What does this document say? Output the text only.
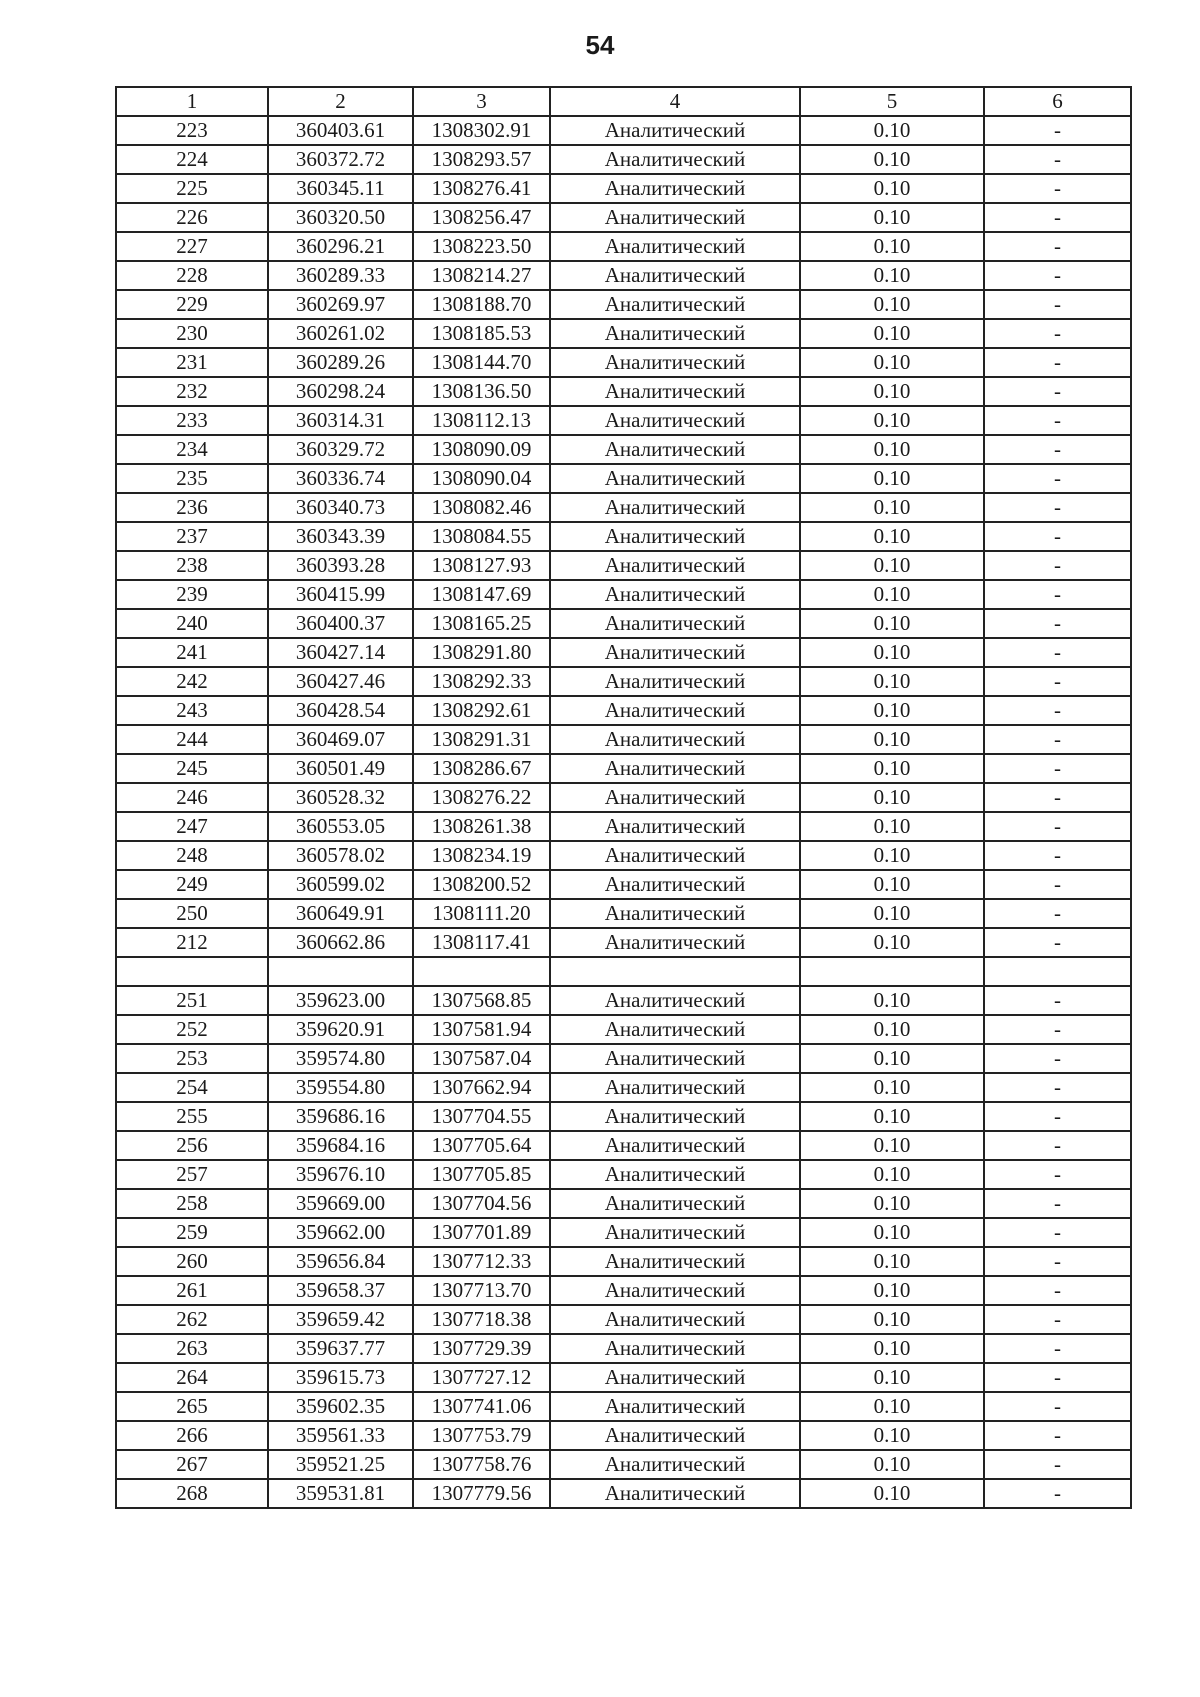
54
1	2	3	4	5	6
223	360403.61	1308302.91	Аналитический	0.10	-
224	360372.72	1308293.57	Аналитический	0.10	-
225	360345.11	1308276.41	Аналитический	0.10	-
226	360320.50	1308256.47	Аналитический	0.10	-
227	360296.21	1308223.50	Аналитический	0.10	-
228	360289.33	1308214.27	Аналитический	0.10	-
229	360269.97	1308188.70	Аналитический	0.10	-
230	360261.02	1308185.53	Аналитический	0.10	-
231	360289.26	1308144.70	Аналитический	0.10	-
232	360298.24	1308136.50	Аналитический	0.10	-
233	360314.31	1308112.13	Аналитический	0.10	-
234	360329.72	1308090.09	Аналитический	0.10	-
235	360336.74	1308090.04	Аналитический	0.10	-
236	360340.73	1308082.46	Аналитический	0.10	-
237	360343.39	1308084.55	Аналитический	0.10	-
238	360393.28	1308127.93	Аналитический	0.10	-
239	360415.99	1308147.69	Аналитический	0.10	-
240	360400.37	1308165.25	Аналитический	0.10	-
241	360427.14	1308291.80	Аналитический	0.10	-
242	360427.46	1308292.33	Аналитический	0.10	-
243	360428.54	1308292.61	Аналитический	0.10	-
244	360469.07	1308291.31	Аналитический	0.10	-
245	360501.49	1308286.67	Аналитический	0.10	-
246	360528.32	1308276.22	Аналитический	0.10	-
247	360553.05	1308261.38	Аналитический	0.10	-
248	360578.02	1308234.19	Аналитический	0.10	-
249	360599.02	1308200.52	Аналитический	0.10	-
250	360649.91	1308111.20	Аналитический	0.10	-
212	360662.86	1308117.41	Аналитический	0.10	-

251	359623.00	1307568.85	Аналитический	0.10	-
252	359620.91	1307581.94	Аналитический	0.10	-
253	359574.80	1307587.04	Аналитический	0.10	-
254	359554.80	1307662.94	Аналитический	0.10	-
255	359686.16	1307704.55	Аналитический	0.10	-
256	359684.16	1307705.64	Аналитический	0.10	-
257	359676.10	1307705.85	Аналитический	0.10	-
258	359669.00	1307704.56	Аналитический	0.10	-
259	359662.00	1307701.89	Аналитический	0.10	-
260	359656.84	1307712.33	Аналитический	0.10	-
261	359658.37	1307713.70	Аналитический	0.10	-
262	359659.42	1307718.38	Аналитический	0.10	-
263	359637.77	1307729.39	Аналитический	0.10	-
264	359615.73	1307727.12	Аналитический	0.10	-
265	359602.35	1307741.06	Аналитический	0.10	-
266	359561.33	1307753.79	Аналитический	0.10	-
267	359521.25	1307758.76	Аналитический	0.10	-
268	359531.81	1307779.56	Аналитический	0.10	-
